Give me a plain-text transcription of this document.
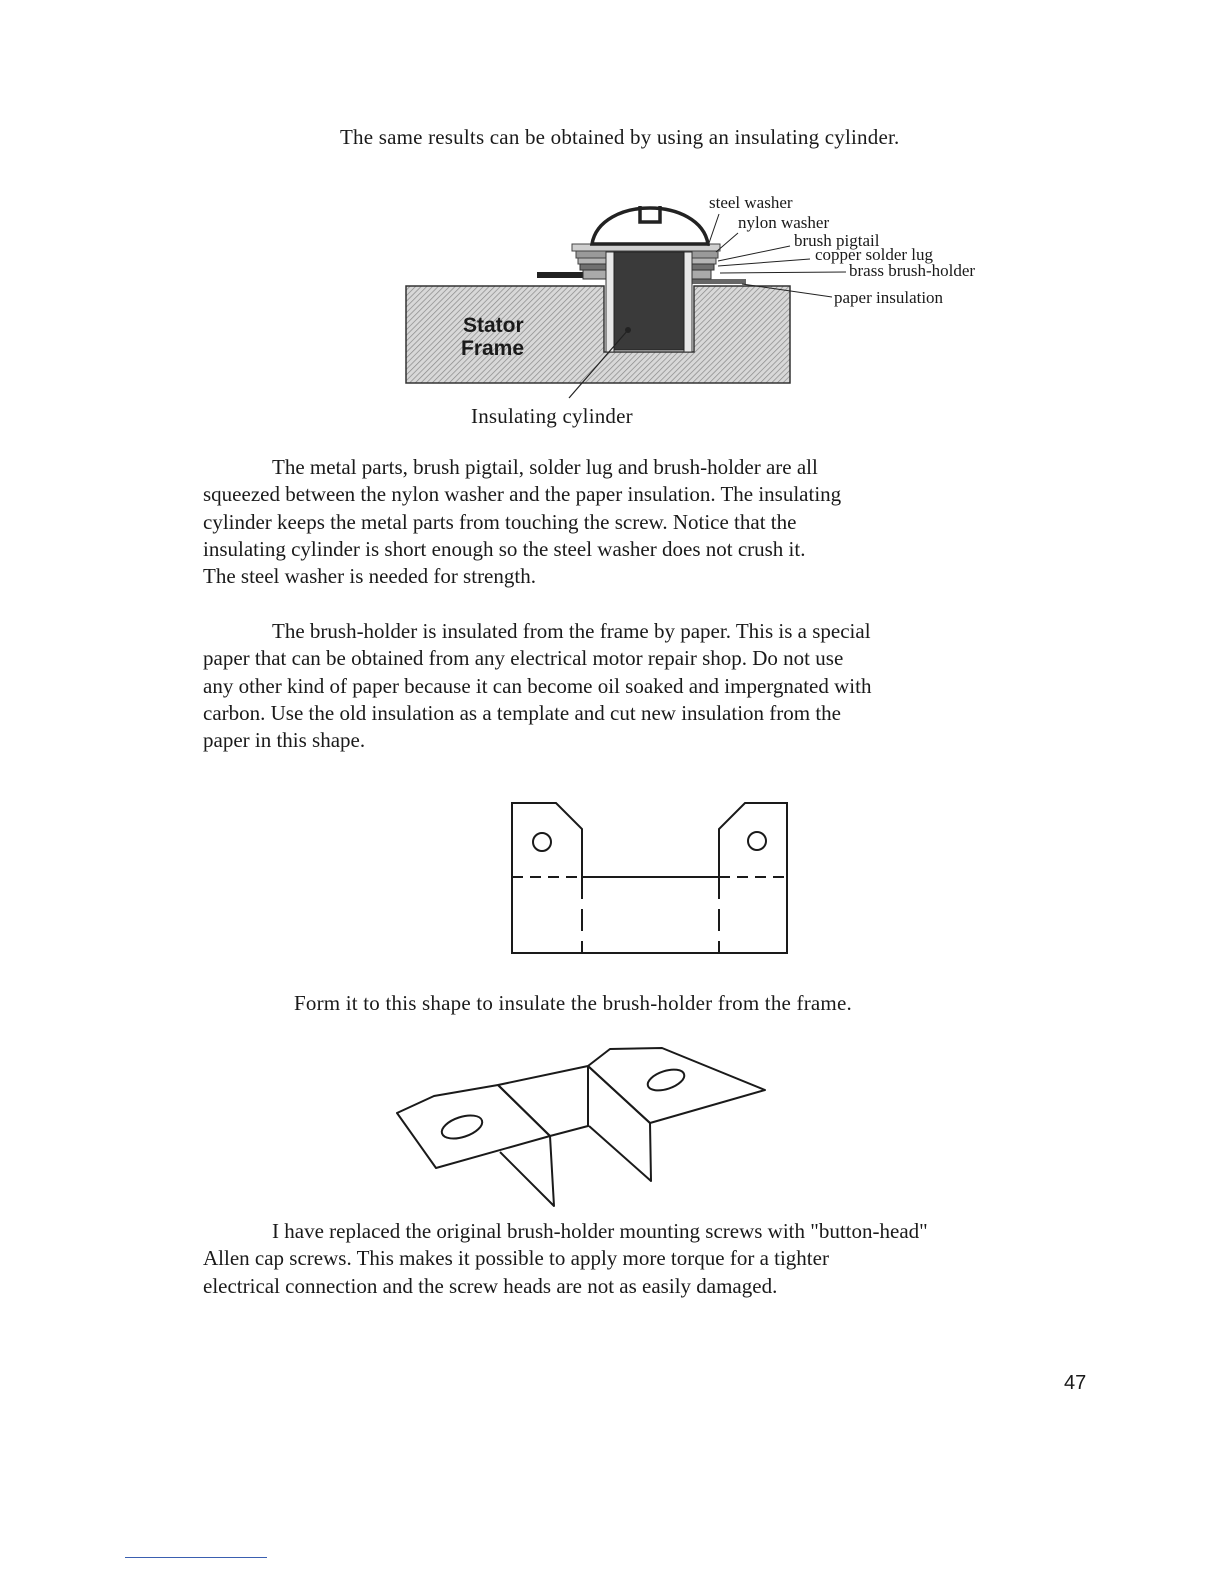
The same results can be obtained by using an insulating cylinder.
steel washer
nylon washer
brush pigtail
copper solder lug
brass brush-holder
paper insulation
Stator
Frame
Insulating cylinder
The metal parts, brush pigtail, solder lug and brush-holder are all
squeezed between the nylon washer and the paper insulation. The insulating
cylinder keeps the metal parts from touching the screw. Notice that the
insulating cylinder is short enough so the steel washer does not crush it.
The steel washer is needed for strength.
The brush-holder is insulated from the frame by paper. This is a special
paper that can be obtained from any electrical motor repair shop. Do not use
any other kind of paper because it can become oil soaked and impergnated with
carbon. Use the old insulation as a template and cut new insulation from the
paper in this shape.
Form it to this shape to insulate the brush-holder from the frame.
I have replaced the original brush-holder mounting screws with "button-head"
Allen cap screws. This makes it possible to apply more torque for a tighter
electrical connection and the screw heads are not as easily damaged.
47
